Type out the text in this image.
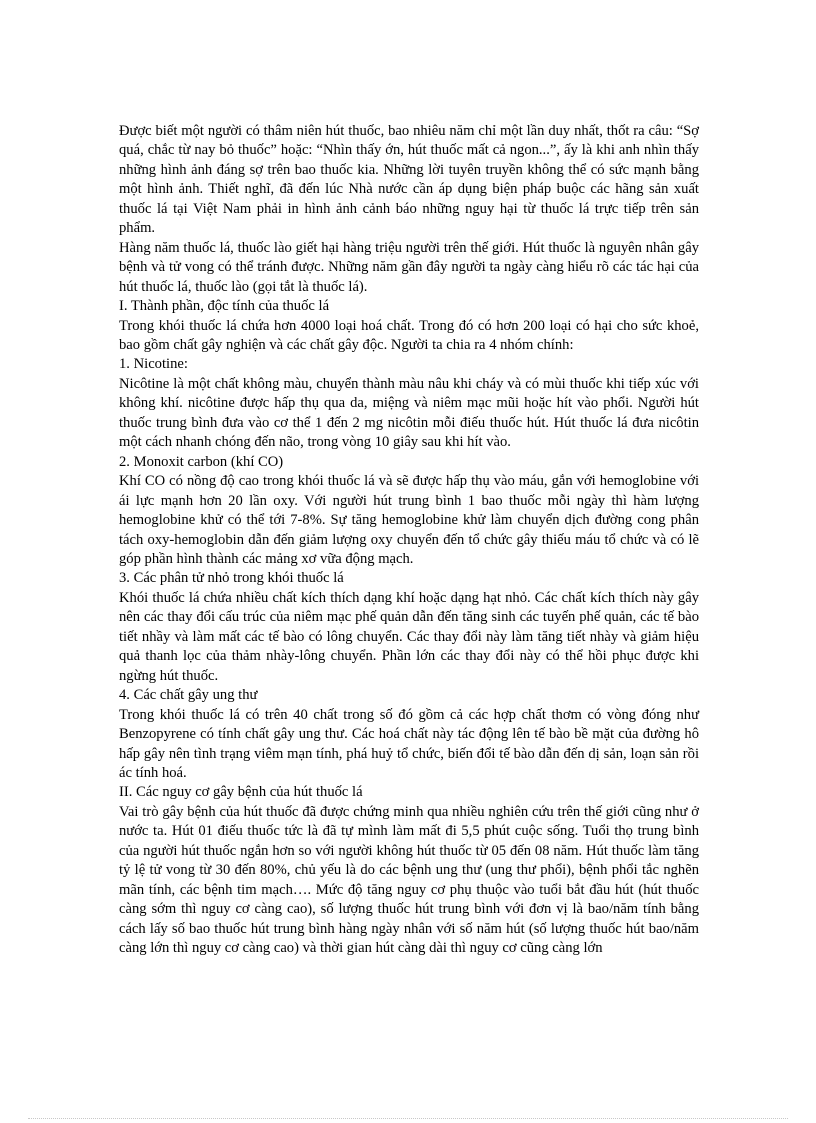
Được biết một người có thâm niên hút thuốc, bao nhiêu năm chỉ một lần duy nhất, thốt ra câu: “Sợ quá, chắc từ nay bỏ thuốc” hoặc: “Nhìn thấy ớn, hút thuốc mất cả ngon...”, ấy là khi anh nhìn thấy những hình ảnh đáng sợ trên bao thuốc kia. Những lời tuyên truyền không thể có sức mạnh bằng một hình ảnh. Thiết nghĩ, đã đến lúc Nhà nước cần áp dụng biện pháp buộc các hãng sản xuất thuốc lá tại Việt Nam phải in hình ảnh cảnh báo những nguy hại từ thuốc lá trực tiếp trên sản phẩm.

Hàng năm thuốc lá, thuốc lào giết hại hàng triệu người trên thế giới. Hút thuốc là nguyên nhân gây bệnh và tử vong có thể tránh được. Những năm gần đây người ta ngày càng hiểu rõ các tác hại của hút thuốc lá, thuốc lào (gọi tắt là thuốc lá).

I. Thành phần, độc tính của thuốc lá

Trong khói thuốc lá chứa hơn 4000 loại hoá chất. Trong đó có hơn 200 loại có hại cho sức khoẻ, bao gồm chất gây nghiện và các chất gây độc. Người ta chia ra 4 nhóm chính:

1. Nicotine:

Nicôtine là một chất không màu, chuyển thành màu nâu khi cháy và có mùi thuốc khi tiếp xúc với không khí. nicôtine được hấp thụ qua da, miệng và niêm mạc mũi hoặc hít vào phổi. Người hút thuốc trung bình đưa vào cơ thể 1 đến 2 mg nicôtin mỗi điếu thuốc hút. Hút thuốc lá đưa nicôtin một cách nhanh chóng đến não, trong vòng 10 giây sau khi hít vào.

2. Monoxit carbon (khí CO)

Khí CO có nồng độ cao trong khói thuốc lá và sẽ được hấp thụ vào máu, gắn với hemoglobine với ái lực mạnh hơn 20 lần oxy. Với người hút trung bình 1 bao thuốc mỗi ngày thì hàm lượng hemoglobine khử có thể tới 7-8%. Sự tăng hemoglobine khử làm chuyển dịch đường cong phân tách oxy-hemoglobin dẫn đến giảm lượng oxy chuyển đến tổ chức gây thiếu máu tổ chức và có lẽ góp phần hình thành các mảng xơ vữa động mạch.

3. Các phân tử nhỏ trong khói thuốc lá

Khói thuốc lá chứa nhiều chất kích thích dạng khí hoặc dạng hạt nhỏ. Các chất kích thích này gây nên các thay đổi cấu trúc của niêm mạc phế quản dẫn đến tăng sinh các tuyến phế quản, các tế bào tiết nhầy và làm mất các tế bào có lông chuyển. Các thay đổi này làm tăng tiết nhày và giảm hiệu quả thanh lọc của thảm nhày-lông chuyển. Phần lớn các thay đổi này có thể hồi phục được khi ngừng hút thuốc.

4. Các chất gây ung thư

Trong khói thuốc lá có trên 40 chất trong số đó gồm cả các hợp chất thơm có vòng đóng như Benzopyrene có tính chất gây ung thư. Các hoá chất này tác động lên tế bào bề mặt của đường hô hấp gây nên tình trạng viêm mạn tính, phá huỷ tổ chức, biến đổi tế bào dẫn đến dị sản, loạn sản rồi ác tính hoá.

II. Các nguy cơ gây bệnh của hút thuốc lá

Vai trò gây bệnh của hút thuốc đã được chứng minh qua nhiều nghiên cứu trên thế giới cũng như ở nước ta. Hút 01 điếu thuốc tức là đã tự mình làm mất đi 5,5 phút cuộc sống. Tuổi thọ trung bình của người hút thuốc ngắn hơn so với người không hút thuốc từ 05 đến 08 năm. Hút thuốc làm tăng tỷ lệ tử vong từ 30 đến 80%, chủ yếu là do các bệnh ung thư (ung thư phổi), bệnh phổi tắc nghẽn mãn tính, các bệnh tim mạch…. Mức độ tăng nguy cơ phụ thuộc vào tuổi bắt đầu hút (hút thuốc càng sớm thì nguy cơ càng cao), số lượng thuốc hút trung bình với đơn vị là bao/năm tính bằng cách lấy số bao thuốc hút trung bình hàng ngày nhân với số năm hút (số lượng thuốc hút bao/năm càng lớn thì nguy cơ càng cao) và thời gian hút càng dài thì nguy cơ cũng càng lớn
